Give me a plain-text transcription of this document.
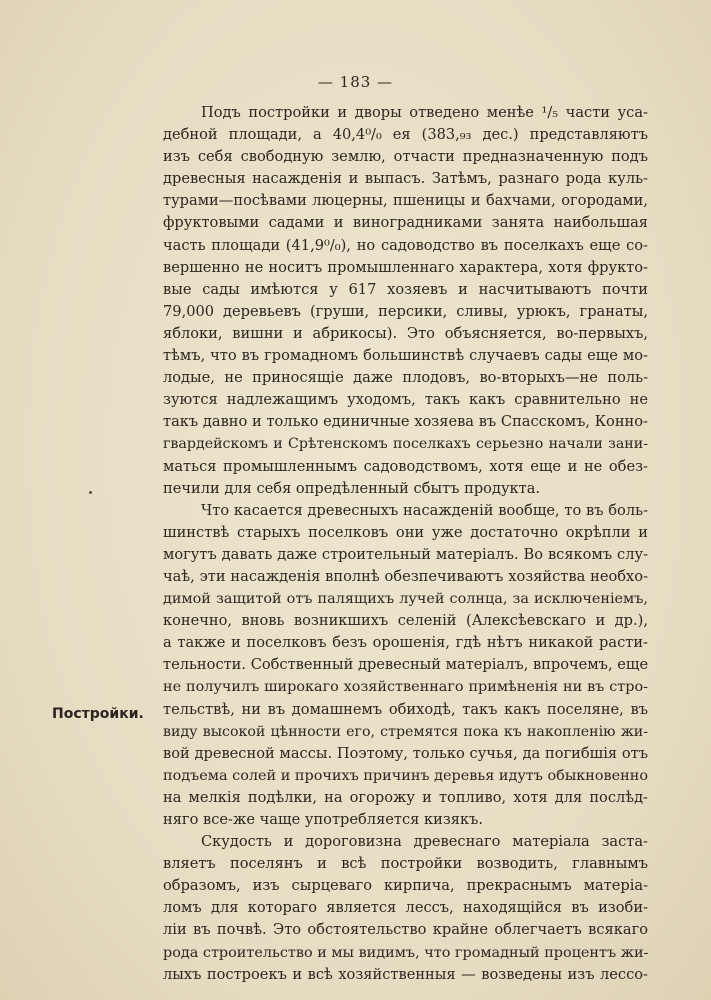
— 183 —
Постройки.
Подъ постройки и дворы отведено менѣе ¹/₅ части уса-
дебной площади, а 40,4⁰/₀ ея (383,₉₃ дес.) представляютъ
изъ себя свободную землю, отчасти предназначенную подъ
древесныя насажденія и выпасъ. Затѣмъ, разнаго рода куль-
турами—посѣвами люцерны, пшеницы и бахчами, огородами,
фруктовыми садами и виноградниками занята наибольшая
часть площади (41,9⁰/₀), но садоводство въ поселкахъ еще со-
вершенно не носитъ промышленнаго характера, хотя фрукто-
вые сады имѣются у 617 хозяевъ и насчитываютъ почти
79,000 деревьевъ (груши, персики, сливы, урюкъ, гранаты,
яблоки, вишни и абрикосы). Это объясняется, во-первыхъ,
тѣмъ, что въ громадномъ большинствѣ случаевъ сады еще мо-
лодые, не приносящіе даже плодовъ, во-вторыхъ—не поль-
зуются надлежащимъ уходомъ, такъ какъ сравнительно не
такъ давно и только единичные хозяева въ Спасскомъ, Конно-
гвардейскомъ и Срѣтенскомъ поселкахъ серьезно начали зани-
маться промышленнымъ садоводствомъ, хотя еще и не обез-
печили для себя опредѣленный сбытъ продукта.
Что касается древесныхъ насажденій вообще, то въ боль-
шинствѣ старыхъ поселковъ они уже достаточно окрѣпли и
могутъ давать даже строительный матеріалъ. Во всякомъ слу-
чаѣ, эти насажденія вполнѣ обезпечиваютъ хозяйства необхо-
димой защитой отъ палящихъ лучей солнца, за исключеніемъ,
конечно, вновь возникшихъ селеній (Алексѣевскаго и др.),
а также и поселковъ безъ орошенія, гдѣ нѣтъ никакой расти-
тельности. Собственный древесный матеріалъ, впрочемъ, еще
не получилъ широкаго хозяйственнаго примѣненія ни въ стро-
тельствѣ, ни въ домашнемъ обиходѣ, такъ какъ поселяне, въ
виду высокой цѣнности его, стремятся пока къ накопленію жи-
вой древесной массы. Поэтому, только сучья, да погибшія отъ
подъема солей и прочихъ причинъ деревья идутъ обыкновенно
на мелкія подѣлки, на огорожу и топливо, хотя для послѣд-
няго все-же чаще употребляется кизякъ.
Скудость и дороговизна древеснаго матеріала заста-
вляетъ поселянъ и всѣ постройки возводить, главнымъ
образомъ, изъ сырцеваго кирпича, прекраснымъ матеріа-
ломъ для котораго является лессъ, находящійся въ изоби-
ліи въ почвѣ. Это обстоятельство крайне облегчаетъ всякаго
рода строительство и мы видимъ, что громадный процентъ жи-
лыхъ построекъ и всѣ хозяйственныя — возведены изъ лессо-
